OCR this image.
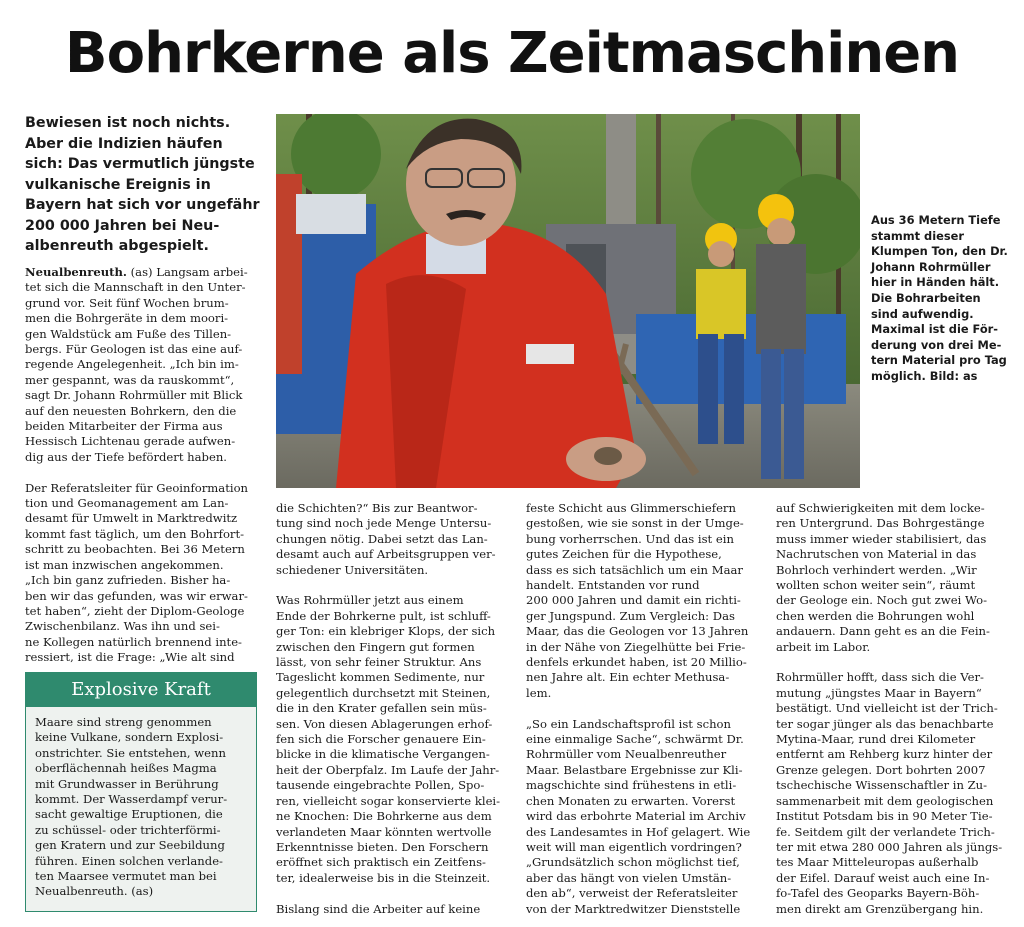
Bohrkerne als Zeitmaschinen
Bewiesen ist noch nichts.
Aber die Indizien häufen
sich: Das vermutlich jüngste
vulkanische Ereignis in
Bayern hat sich vor ungefähr
200 000 Jahren bei Neu-
albenreuth abgespielt.
Aus 36 Metern Tiefe
stammt dieser
Klumpen Ton, den Dr.
Johann Rohrmüller
hier in Händen hält.
Die Bohrarbeiten
sind aufwendig.
Maximal ist die För-
derung von drei Me-
tern Material pro Tag
möglich. Bild: as

Neualbenreuth. (as) Langsam arbei-

tet sich die Mannschaft in den Unter-

grund vor. Seit fünf Wochen brum-

men die Bohrgeräte in dem moori-

gen Waldstück am Fuße des Tillen-

bergs. Für Geologen ist das eine auf-

regende Angelegenheit. „Ich bin im-

mer gespannt, was da rauskommt“,

sagt Dr. Johann Rohrmüller mit Blick

auf den neuesten Bohrkern, den die

beiden Mitarbeiter der Firma aus

Hessisch Lichtenau gerade aufwen-

dig aus der Tiefe befördert haben.

Der Referatsleiter für Geoinformation

tion und Geomanagement am Lan-

desamt für Umwelt in Marktredwitz

kommt fast täglich, um den Bohrfort-

schritt zu beobachten. Bei 36 Metern

ist man inzwischen angekommen.

„Ich bin ganz zufrieden. Bisher ha-

ben wir das gefunden, was wir erwar-

tet haben“, zieht der Diplom-Geologe

Zwischenbilanz. Was ihn und sei-

ne Kollegen natürlich brennend inte-

ressiert, ist die Frage: „Wie alt sind

die Schichten?“ Bis zur Beantwor-

tung sind noch jede Menge Untersu-

chungen nötig. Dabei setzt das Lan-

desamt auch auf Arbeitsgruppen ver-

schiedener Universitäten.

Was Rohrmüller jetzt aus einem

Ende der Bohrkerne pult, ist schluff-

ger Ton: ein klebriger Klops, der sich

zwischen den Fingern gut formen

lässt, von sehr feiner Struktur. Ans

Tageslicht kommen Sedimente, nur

gelegentlich durchsetzt mit Steinen,

die in den Krater gefallen sein müs-

sen. Von diesen Ablagerungen erhof-

fen sich die Forscher genauere Ein-

blicke in die klimatische Vergangen-

heit der Oberpfalz. Im Laufe der Jahr-

tausende eingebrachte Pollen, Spo-

ren, vielleicht sogar konservierte klei-

ne Knochen: Die Bohrkerne aus dem

verlandeten Maar könnten wertvolle

Erkenntnisse bieten. Den Forschern

eröffnet sich praktisch ein Zeitfens-

ter, idealerweise bis in die Steinzeit.

Bislang sind die Arbeiter auf keine

feste Schicht aus Glimmerschiefern

gestoßen, wie sie sonst in der Umge-

bung vorherrschen. Und das ist ein

gutes Zeichen für die Hypothese,

dass es sich tatsächlich um ein Maar

handelt. Entstanden vor rund

200 000 Jahren und damit ein richti-

ger Jungspund. Zum Vergleich: Das

Maar, das die Geologen vor 13 Jahren

in der Nähe von Ziegelhütte bei Frie-

denfels erkundet haben, ist 20 Millio-

nen Jahre alt. Ein echter Methusa-

lem.

„So ein Landschaftsprofil ist schon

eine einmalige Sache“, schwärmt Dr.

Rohrmüller vom Neualbenreuther

Maar. Belastbare Ergebnisse zur Kli-

magschichte sind frühestens in etli-

chen Monaten zu erwarten. Vorerst

wird das erbohrte Material im Archiv

des Landesamtes in Hof gelagert. Wie

weit will man eigentlich vordringen?

„Grundsätzlich schon möglichst tief,

aber das hängt von vielen Umstän-

den ab“, verweist der Referatsleiter

von der Marktredwitzer Dienststelle

auf Schwierigkeiten mit dem locke-

ren Untergrund. Das Bohrgestänge

muss immer wieder stabilisiert, das

Nachrutschen von Material in das

Bohrloch verhindert werden. „Wir

wollten schon weiter sein“, räumt

der Geologe ein. Noch gut zwei Wo-

chen werden die Bohrungen wohl

andauern. Dann geht es an die Fein-

arbeit im Labor.

Rohrmüller hofft, dass sich die Ver-

mutung „jüngstes Maar in Bayern“

bestätigt. Und vielleicht ist der Trich-

ter sogar jünger als das benachbarte

Mytina-Maar, rund drei Kilometer

entfernt am Rehberg kurz hinter der

Grenze gelegen. Dort bohrten 2007

tschechische Wissenschaftler in Zu-

sammenarbeit mit dem geologischen

Institut Potsdam bis in 90 Meter Tie-

fe. Seitdem gilt der verlandete Trich-

ter mit etwa 280 000 Jahren als jüngs-

tes Maar Mitteleuropas außerhalb

der Eifel. Darauf weist auch eine In-

fo-Tafel des Geoparks Bayern-Böh-

men direkt am Grenzübergang hin.

Explosive Kraft

Maare sind streng genommen

keine Vulkane, sondern Explosi-

onstrichter. Sie entstehen, wenn

oberflächennah heißes Magma

mit Grundwasser in Berührung

kommt. Der Wasserdampf verur-

sacht gewaltige Eruptionen, die

zu schüssel- oder trichterförmi-

gen Kratern und zur Seebildung

führen. Einen solchen verlande-

ten Maarsee vermutet man bei

Neualbenreuth. (as)
